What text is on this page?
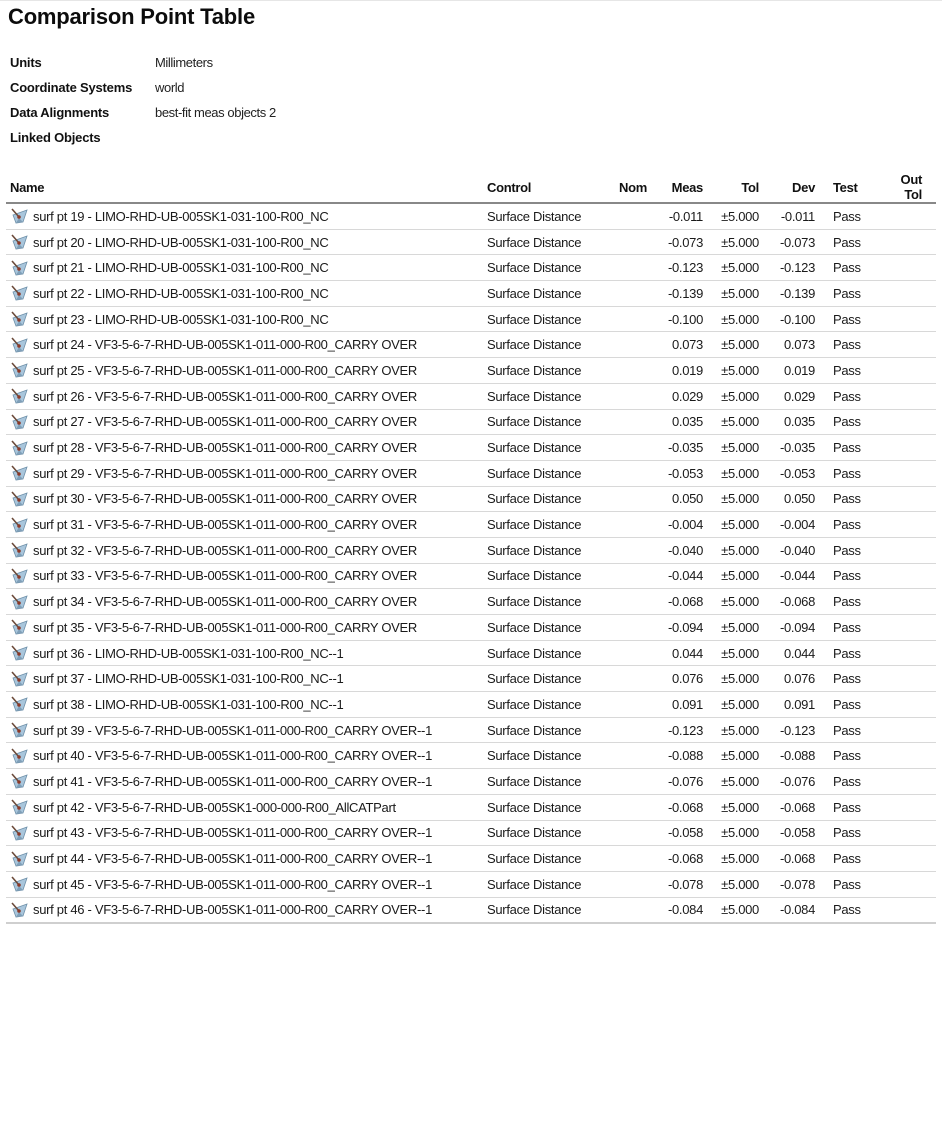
Comparison Point Table
Units	Millimeters
Coordinate Systems	world
Data Alignments	best-fit meas objects 2
Linked Objects
Name	Control	Nom	Meas	Tol	Dev	Test	Out Tol

surf pt 19 - LIMO-RHD-UB-005SK1-031-100-R00_NC	Surface Distance		-0.011	±5.000	-0.011	Pass	

surf pt 20 - LIMO-RHD-UB-005SK1-031-100-R00_NC	Surface Distance		-0.073	±5.000	-0.073	Pass	

surf pt 21 - LIMO-RHD-UB-005SK1-031-100-R00_NC	Surface Distance		-0.123	±5.000	-0.123	Pass	

surf pt 22 - LIMO-RHD-UB-005SK1-031-100-R00_NC	Surface Distance		-0.139	±5.000	-0.139	Pass	

surf pt 23 - LIMO-RHD-UB-005SK1-031-100-R00_NC	Surface Distance		-0.100	±5.000	-0.100	Pass	

surf pt 24 - VF3-5-6-7-RHD-UB-005SK1-011-000-R00_CARRY OVER	Surface Distance		0.073	±5.000	0.073	Pass	

surf pt 25 - VF3-5-6-7-RHD-UB-005SK1-011-000-R00_CARRY OVER	Surface Distance		0.019	±5.000	0.019	Pass	

surf pt 26 - VF3-5-6-7-RHD-UB-005SK1-011-000-R00_CARRY OVER	Surface Distance		0.029	±5.000	0.029	Pass	

surf pt 27 - VF3-5-6-7-RHD-UB-005SK1-011-000-R00_CARRY OVER	Surface Distance		0.035	±5.000	0.035	Pass	

surf pt 28 - VF3-5-6-7-RHD-UB-005SK1-011-000-R00_CARRY OVER	Surface Distance		-0.035	±5.000	-0.035	Pass	

surf pt 29 - VF3-5-6-7-RHD-UB-005SK1-011-000-R00_CARRY OVER	Surface Distance		-0.053	±5.000	-0.053	Pass	

surf pt 30 - VF3-5-6-7-RHD-UB-005SK1-011-000-R00_CARRY OVER	Surface Distance		0.050	±5.000	0.050	Pass	

surf pt 31 - VF3-5-6-7-RHD-UB-005SK1-011-000-R00_CARRY OVER	Surface Distance		-0.004	±5.000	-0.004	Pass	

surf pt 32 - VF3-5-6-7-RHD-UB-005SK1-011-000-R00_CARRY OVER	Surface Distance		-0.040	±5.000	-0.040	Pass	

surf pt 33 - VF3-5-6-7-RHD-UB-005SK1-011-000-R00_CARRY OVER	Surface Distance		-0.044	±5.000	-0.044	Pass	

surf pt 34 - VF3-5-6-7-RHD-UB-005SK1-011-000-R00_CARRY OVER	Surface Distance		-0.068	±5.000	-0.068	Pass	

surf pt 35 - VF3-5-6-7-RHD-UB-005SK1-011-000-R00_CARRY OVER	Surface Distance		-0.094	±5.000	-0.094	Pass	

surf pt 36 - LIMO-RHD-UB-005SK1-031-100-R00_NC--1	Surface Distance		0.044	±5.000	0.044	Pass	

surf pt 37 - LIMO-RHD-UB-005SK1-031-100-R00_NC--1	Surface Distance		0.076	±5.000	0.076	Pass	

surf pt 38 - LIMO-RHD-UB-005SK1-031-100-R00_NC--1	Surface Distance		0.091	±5.000	0.091	Pass	

surf pt 39 - VF3-5-6-7-RHD-UB-005SK1-011-000-R00_CARRY OVER--1	Surface Distance		-0.123	±5.000	-0.123	Pass	

surf pt 40 - VF3-5-6-7-RHD-UB-005SK1-011-000-R00_CARRY OVER--1	Surface Distance		-0.088	±5.000	-0.088	Pass	

surf pt 41 - VF3-5-6-7-RHD-UB-005SK1-011-000-R00_CARRY OVER--1	Surface Distance		-0.076	±5.000	-0.076	Pass	

surf pt 42 - VF3-5-6-7-RHD-UB-005SK1-000-000-R00_AllCATPart	Surface Distance		-0.068	±5.000	-0.068	Pass	

surf pt 43 - VF3-5-6-7-RHD-UB-005SK1-011-000-R00_CARRY OVER--1	Surface Distance		-0.058	±5.000	-0.058	Pass	

surf pt 44 - VF3-5-6-7-RHD-UB-005SK1-011-000-R00_CARRY OVER--1	Surface Distance		-0.068	±5.000	-0.068	Pass	

surf pt 45 - VF3-5-6-7-RHD-UB-005SK1-011-000-R00_CARRY OVER--1	Surface Distance		-0.078	±5.000	-0.078	Pass	

surf pt 46 - VF3-5-6-7-RHD-UB-005SK1-011-000-R00_CARRY OVER--1	Surface Distance		-0.084	±5.000	-0.084	Pass	
